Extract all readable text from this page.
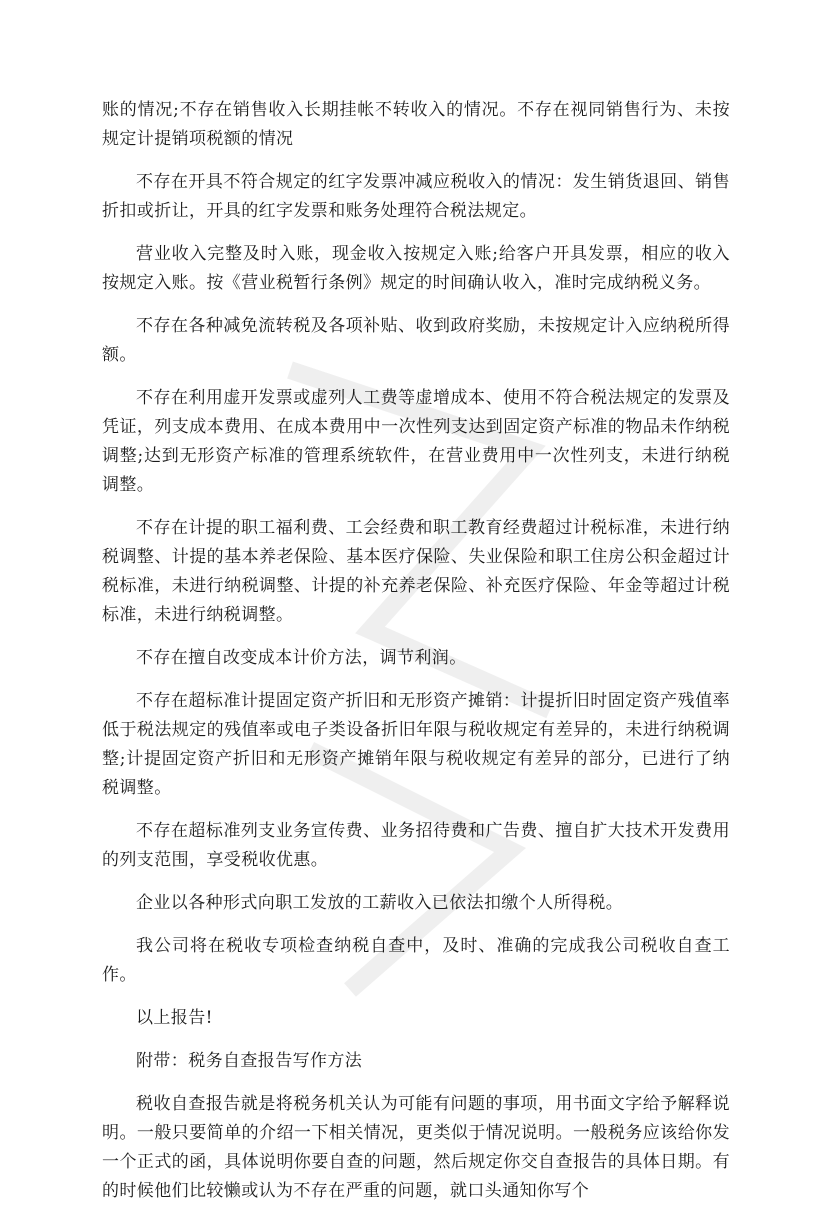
账的情况;不存在销售收入长期挂帐不转收入的情况。不存在视同销售行为、未按规定计提销项税额的情况

不存在开具不符合规定的红字发票冲减应税收入的情况：发生销货退回、销售折扣或折让，开具的红字发票和账务处理符合税法规定。

营业收入完整及时入账，现金收入按规定入账;给客户开具发票，相应的收入按规定入账。按《营业税暂行条例》规定的时间确认收入，准时完成纳税义务。

不存在各种减免流转税及各项补贴、收到政府奖励，未按规定计入应纳税所得额。

不存在利用虚开发票或虚列人工费等虚增成本、使用不符合税法规定的发票及凭证，列支成本费用、在成本费用中一次性列支达到固定资产标准的物品未作纳税调整;达到无形资产标准的管理系统软件，在营业费用中一次性列支，未进行纳税调整。

不存在计提的职工福利费、工会经费和职工教育经费超过计税标准，未进行纳税调整、计提的基本养老保险、基本医疗保险、失业保险和职工住房公积金超过计税标准，未进行纳税调整、计提的补充养老保险、补充医疗保险、年金等超过计税标准，未进行纳税调整。

不存在擅自改变成本计价方法，调节利润。

不存在超标准计提固定资产折旧和无形资产摊销：计提折旧时固定资产残值率低于税法规定的残值率或电子类设备折旧年限与税收规定有差异的，未进行纳税调整;计提固定资产折旧和无形资产摊销年限与税收规定有差异的部分，已进行了纳税调整。

不存在超标准列支业务宣传费、业务招待费和广告费、擅自扩大技术开发费用的列支范围，享受税收优惠。

企业以各种形式向职工发放的工薪收入已依法扣缴个人所得税。

我公司将在税收专项检查纳税自查中，及时、准确的完成我公司税收自查工作。

以上报告!

附带：税务自查报告写作方法

税收自查报告就是将税务机关认为可能有问题的事项，用书面文字给予解释说明。一般只要简单的介绍一下相关情况，更类似于情况说明。一般税务应该给你发一个正式的函，具体说明你要自查的问题，然后规定你交自查报告的具体日期。有的时候他们比较懒或认为不存在严重的问题，就口头通知你写个
